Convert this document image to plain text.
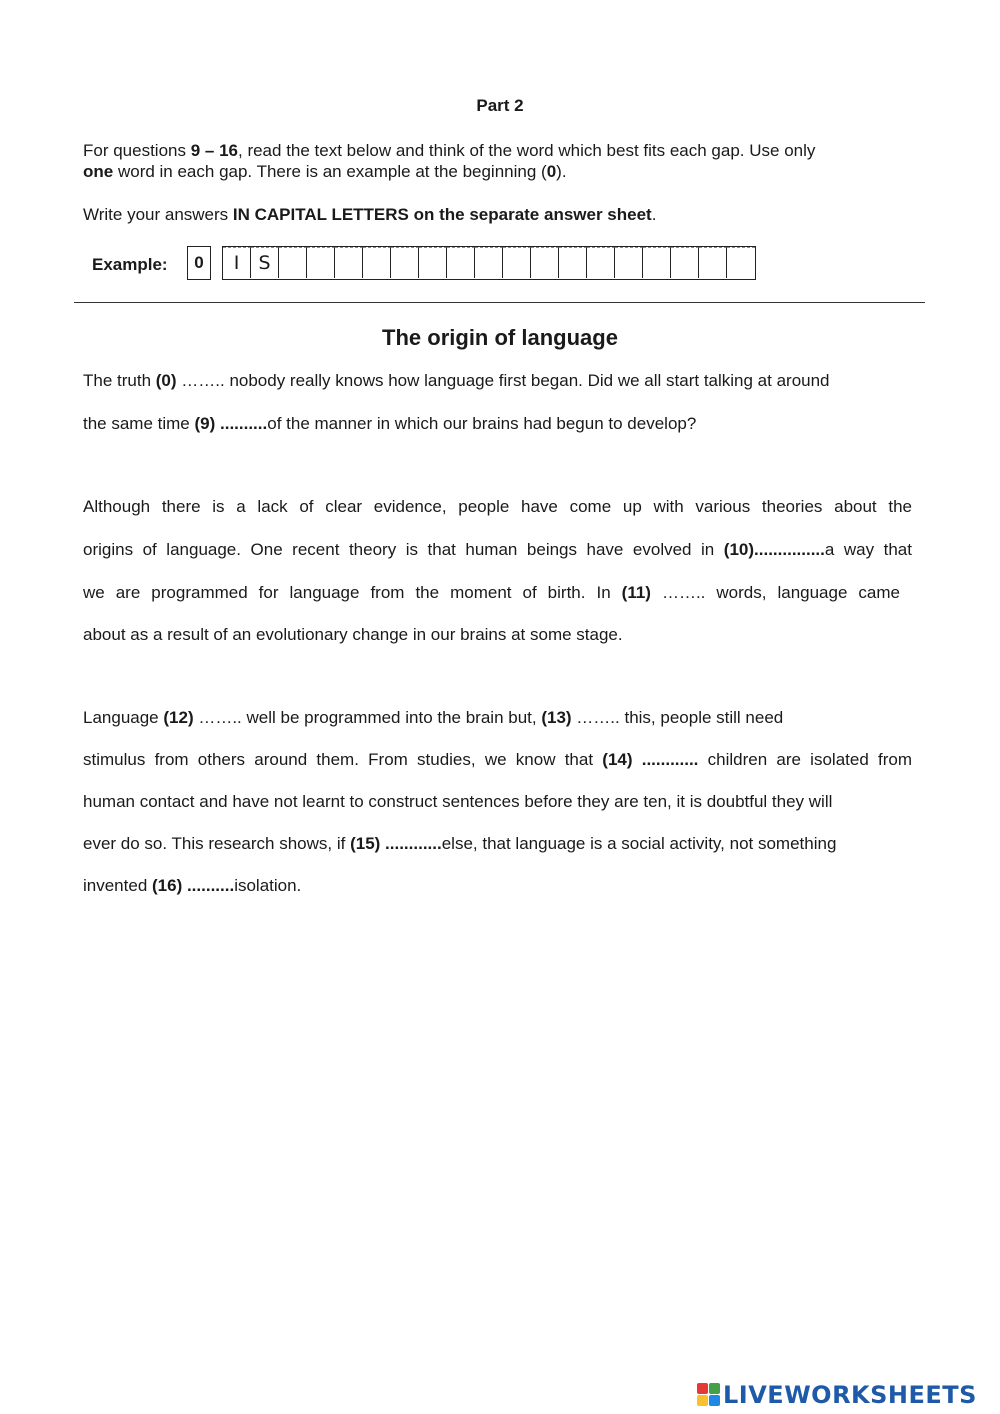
Part 2
For questions 9 – 16, read the text below and think of the word which best fits each gap. Use only
one word in each gap. There is an example at the beginning (0).
Write your answers IN CAPITAL LETTERS on the separate answer sheet.
Example:	0	I	S
The origin of language
The truth (0) …….. nobody really knows how language first began. Did we all start talking at around
the same time (9) ..........of the manner in which our brains had begun to develop?
Although there is a lack of clear evidence, people have come up with various theories about the
origins of language. One recent theory is that human beings have evolved in (10)...............a way that
we are programmed for language from the moment of birth. In (11) …….. words, language came
about as a result of an evolutionary change in our brains at some stage.
Language (12) …….. well be programmed into the brain but, (13) …….. this, people still need
stimulus from others around them. From studies, we know that (14) ............ children are isolated from
human contact and have not learnt to construct sentences before they are ten, it is doubtful they will
ever do so. This research shows, if (15) ............else, that language is a social activity, not something
invented (16) ..........isolation.
LIVEWORKSHEETS
